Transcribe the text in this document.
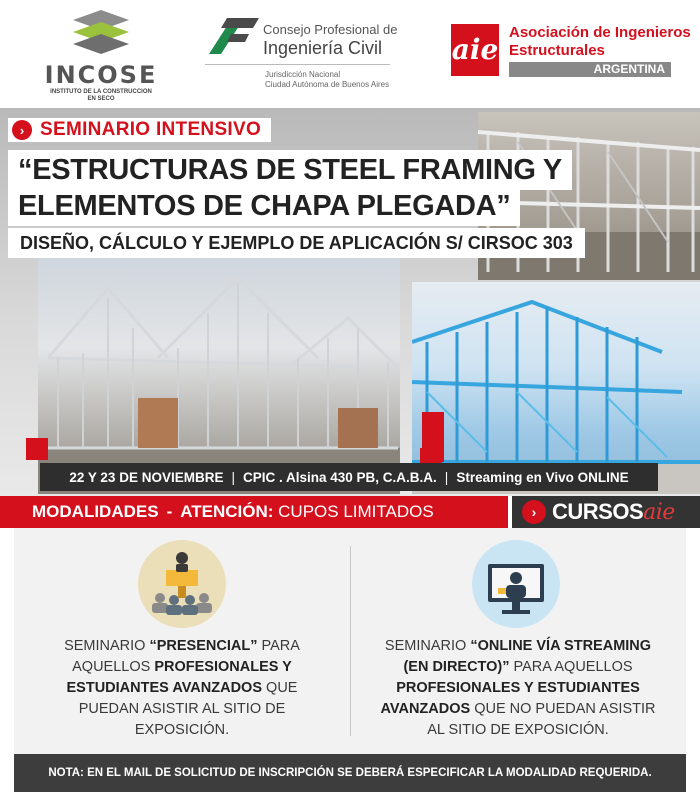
INCOSE
INSTITUTO DE LA CONSTRUCCION
EN SECO
Consejo Profesional de
Ingeniería Civil
Jurisdicción Nacional
Ciudad Autónoma de Buenos Aires
aie
Asociación de Ingenieros
Estructurales
ARGENTINA
› SEMINARIO INTENSIVO
“ESTRUCTURAS DE STEEL FRAMING Y
ELEMENTOS DE CHAPA PLEGADA”
DISEÑO, CÁLCULO Y EJEMPLO DE APLICACIÓN S/ CIRSOC 303
22 Y 23 DE NOVIEMBRE | CPIC . Alsina 430 PB, C.A.B.A. | Streaming en Vivo ONLINE
MODALIDADES - ATENCIÓN: CUPOS LIMITADOS	› CURSOS aie
SEMINARIO “PRESENCIAL” PARA AQUELLOS PROFESIONALES Y ESTUDIANTES AVANZADOS QUE PUEDAN ASISTIR AL SITIO DE EXPOSICIÓN.
SEMINARIO “ONLINE VÍA STREAMING (EN DIRECTO)” PARA AQUELLOS PROFESIONALES Y ESTUDIANTES AVANZADOS QUE NO PUEDAN ASISTIR AL SITIO DE EXPOSICIÓN.
NOTA: EN EL MAIL DE SOLICITUD DE INSCRIPCIÓN SE DEBERÁ ESPECIFICAR LA MODALIDAD REQUERIDA.
